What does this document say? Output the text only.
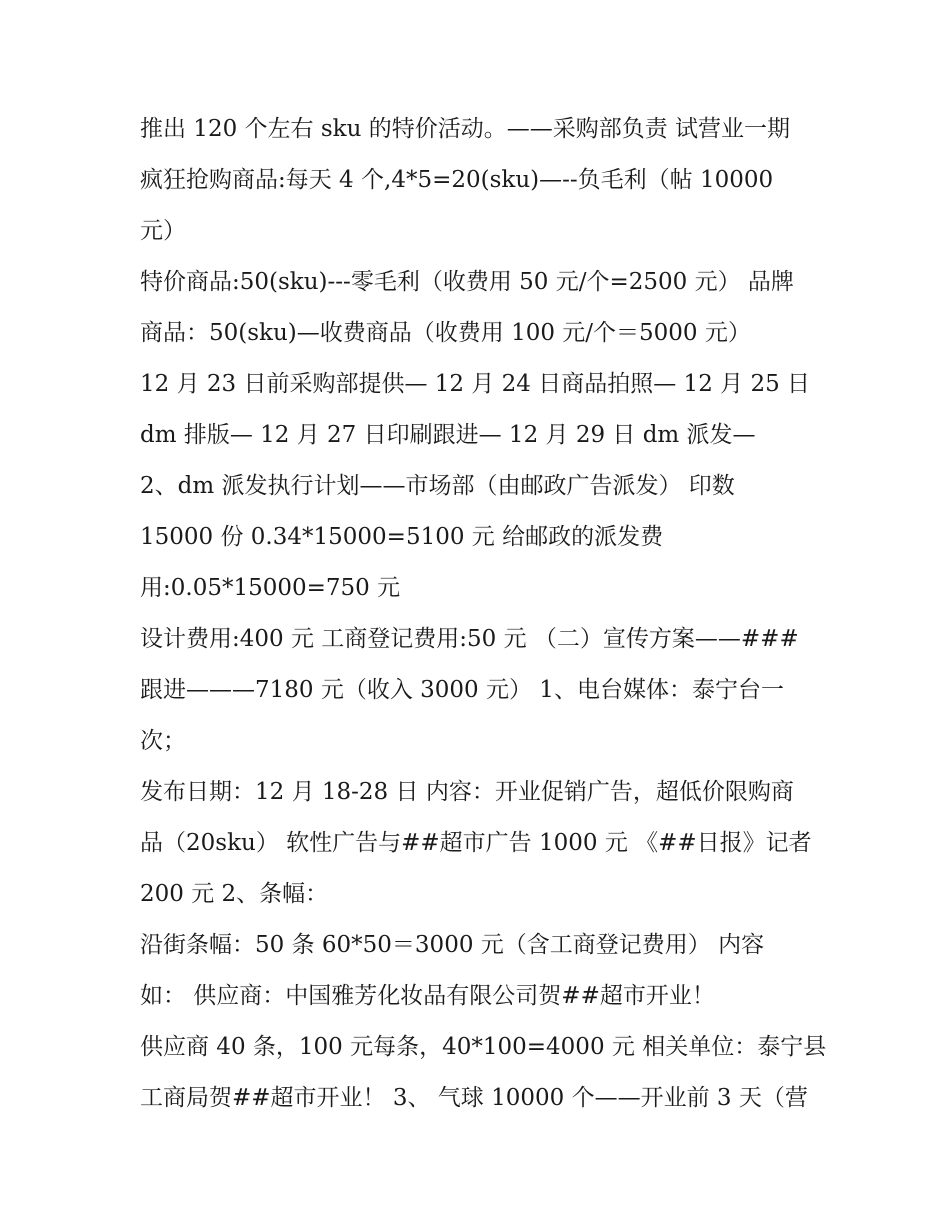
推出 120 个左右 sku 的特价活动。——采购部负责 试营业一期
疯狂抢购商品:每天 4 个,4*5=20(sku)—--负毛利（帖 10000
元）
特价商品:50(sku)---零毛利（收费用 50 元/个=2500 元） 品牌
商品：50(sku)—收费商品（收费用 100 元/个＝5000 元）
12 月 23 日前采购部提供— 12 月 24 日商品拍照— 12 月 25 日
dm 排版— 12 月 27 日印刷跟进— 12 月 29 日 dm 派发—
2、dm 派发执行计划——市场部（由邮政广告派发） 印数
15000 份 0.34*15000=5100 元 给邮政的派发费
用:0.05*15000=750 元
设计费用:400 元 工商登记费用:50 元 （二）宣传方案——###
跟进———7180 元（收入 3000 元） 1、电台媒体：泰宁台一
次；
发布日期：12 月 18-28 日 内容：开业促销广告，超低价限购商
品（20sku） 软性广告与##超市广告 1000 元 《##日报》记者
200 元 2、条幅：
沿街条幅：50 条 60*50＝3000 元（含工商登记费用） 内容
如： 供应商：中国雅芳化妆品有限公司贺##超市开业！
供应商 40 条，100 元每条，40*100=4000 元 相关单位：泰宁县
工商局贺##超市开业！ 3、 气球 10000 个——开业前 3 天（营
